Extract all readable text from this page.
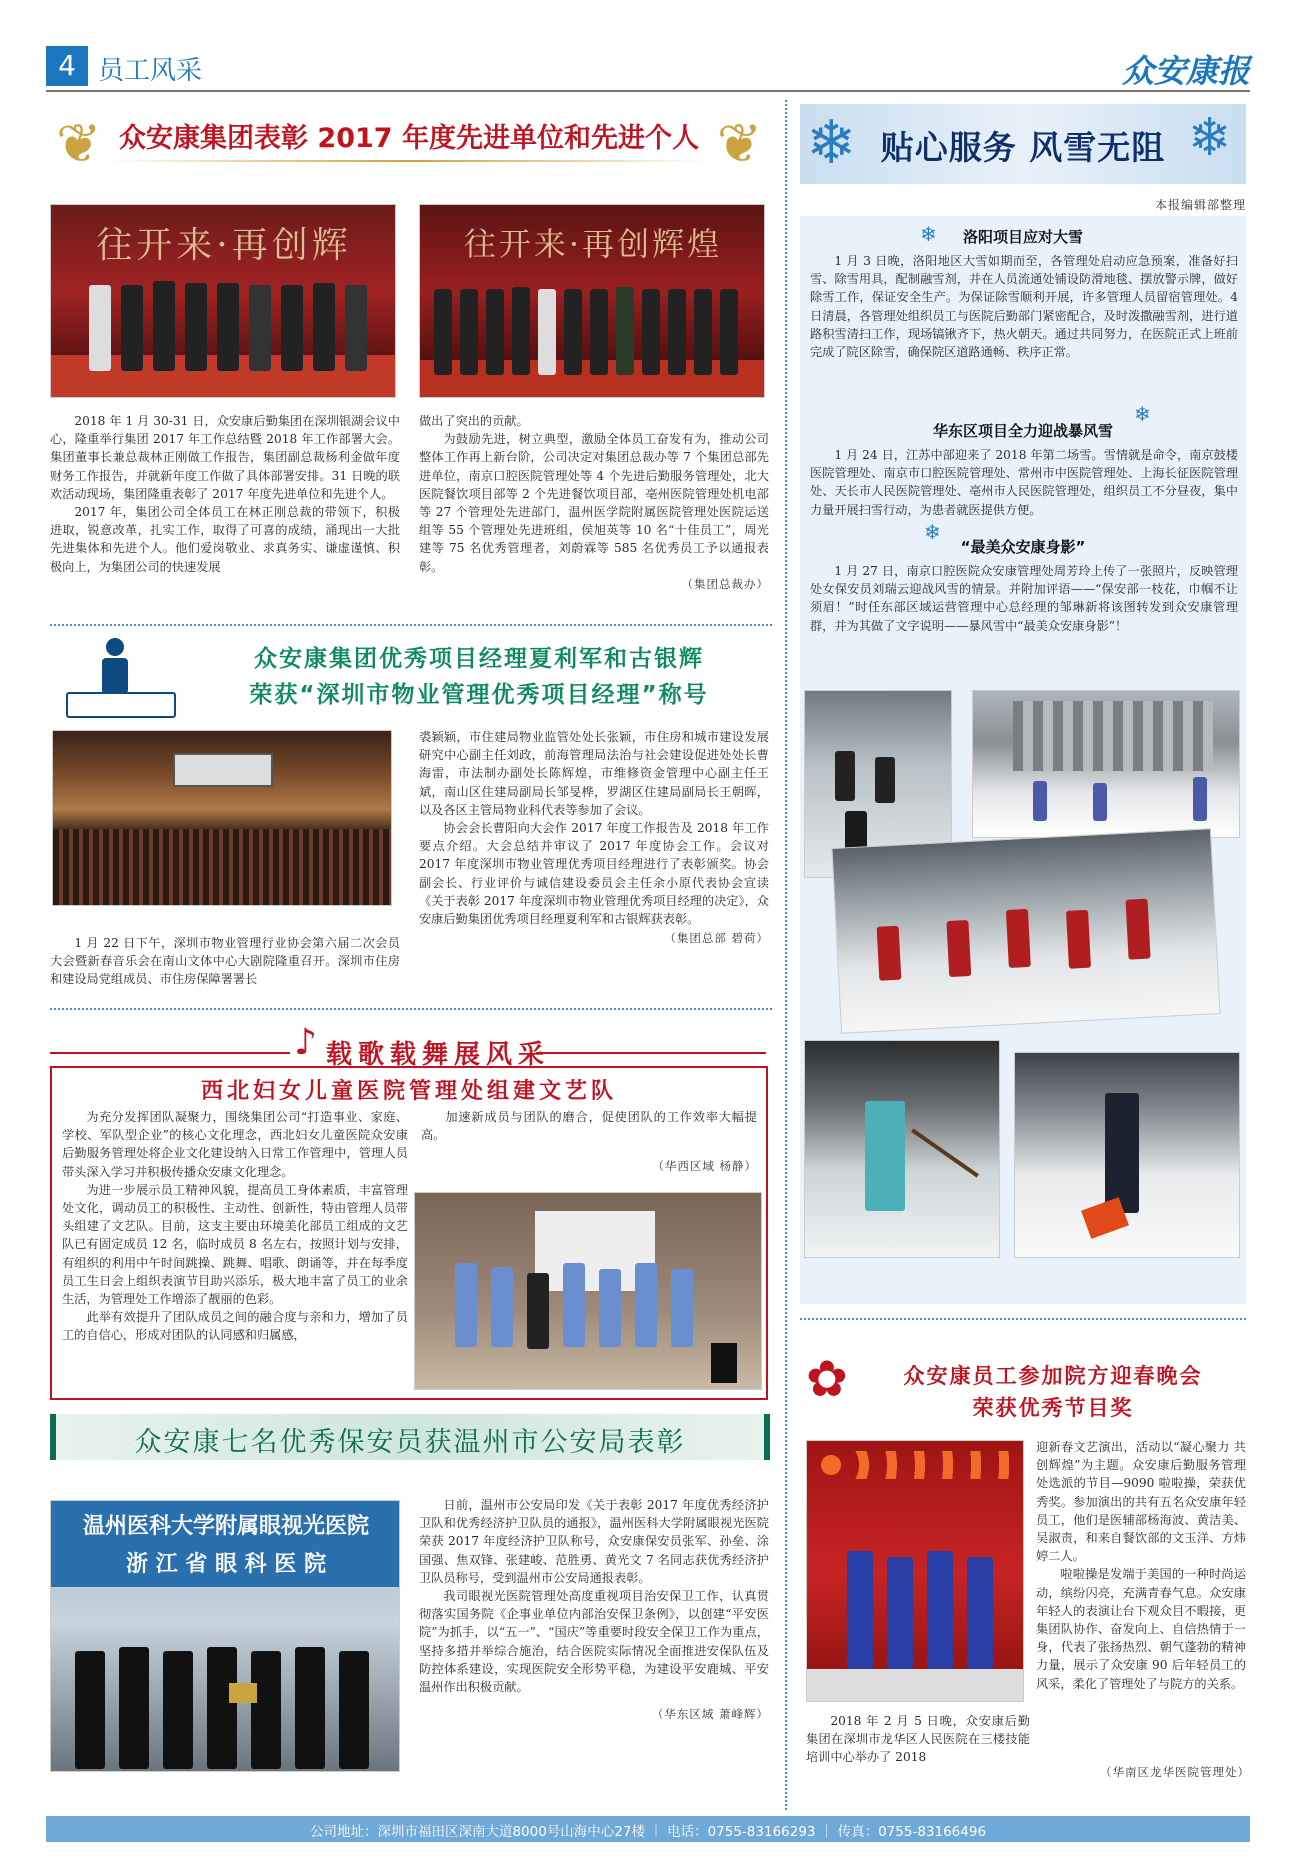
4 员工风采	众安康报
❦	❦
众安康集团表彰 2017 年度先进单位和先进个人
往开来·再创辉	往开来·再创辉煌

2018 年 1 月 30-31 日，众安康后勤集团在深圳银湖会议中心，隆重举行集团 2017 年工作总结暨 2018 年工作部署大会。集团董事长兼总裁林正刚做工作报告，集团副总裁杨利金做年度财务工作报告，并就新年度工作做了具体部署安排。31 日晚的联欢活动现场，集团隆重表彰了 2017 年度先进单位和先进个人。

2017 年，集团公司全体员工在林正刚总裁的带领下，积极进取，锐意改革，扎实工作，取得了可喜的成绩，涌现出一大批先进集体和先进个人。他们爱岗敬业、求真务实、谦虚谨慎、积极向上，为集团公司的快速发展

做出了突出的贡献。

为鼓励先进，树立典型，激励全体员工奋发有为，推动公司整体工作再上新台阶，公司决定对集团总裁办等 7 个集团总部先进单位，南京口腔医院管理处等 4 个先进后勤服务管理处，北大医院餐饮项目部等 2 个先进餐饮项目部，亳州医院管理处机电部等 27 个管理处先进部门，温州医学院附属医院管理处医院运送组等 55 个管理处先进班组，侯旭英等 10 名“十佳员工”，周光建等 75 名优秀管理者，刘蔚霖等 585 名优秀员工予以通报表彰。

（集团总裁办）
众安康集团优秀项目经理夏利军和古银辉
荣获“深圳市物业管理优秀项目经理”称号

1 月 22 日下午，深圳市物业管理行业协会第六届二次会员大会暨新春音乐会在南山文体中心大剧院隆重召开。深圳市住房和建设局党组成员、市住房保障署署长

裘颖颖，市住建局物业监管处处长张颖，市住房和城市建设发展研究中心副主任刘政，前海管理局法治与社会建设促进处处长曹海雷，市法制办副处长陈辉煌，市维修资金管理中心副主任王斌，南山区住建局副局长邹旻桦，罗湖区住建局副局长王朝晖，以及各区主管局物业科代表等参加了会议。

协会会长曹阳向大会作 2017 年度工作报告及 2018 年工作要点介绍。大会总结并审议了 2017 年度协会工作。会议对 2017 年度深圳市物业管理优秀项目经理进行了表彰颁奖。协会副会长、行业评价与诚信建设委员会主任余小原代表协会宣读《关于表彰 2017 年度深圳市物业管理优秀项目经理的决定》，众安康后勤集团优秀项目经理夏利军和古银辉获表彰。

（集团总部 碧荷）
♪ 载歌载舞展风采
西北妇女儿童医院管理处组建文艺队

为充分发挥团队凝聚力，围绕集团公司“打造事业、家庭、学校、军队型企业”的核心文化理念，西北妇女儿童医院众安康后勤服务管理处将企业文化建设纳入日常工作管理中，管理人员带头深入学习并积极传播众安康文化理念。

为进一步展示员工精神风貌，提高员工身体素质，丰富管理处文化，调动员工的积极性、主动性、创新性，特由管理人员带头组建了文艺队。目前，这支主要由环境美化部员工组成的文艺队已有固定成员 12 名，临时成员 8 名左右，按照计划与安排，有组织的利用中午时间跳操、跳舞、唱歌、朗诵等，并在每季度员工生日会上组织表演节目助兴添乐，极大地丰富了员工的业余生活，为管理处工作增添了靓丽的色彩。

此举有效提升了团队成员之间的融合度与亲和力，增加了员工的自信心，形成对团队的认同感和归属感，

加速新成员与团队的磨合，促使团队的工作效率大幅提高。

（华西区域 杨静）
众安康七名优秀保安员获温州市公安局表彰
温州医科大学附属眼视光医院
浙 江 省 眼 科 医 院

日前，温州市公安局印发《关于表彰 2017 年度优秀经济护卫队和优秀经济护卫队员的通报》，温州医科大学附属眼视光医院荣获 2017 年度经济护卫队称号，众安康保安员张军、孙垒、涂国强、焦双锋、张建峻、范胜勇、黄光文 7 名同志获优秀经济护卫队员称号，受到温州市公安局通报表彰。

我司眼视光医院管理处高度重视项目治安保卫工作，认真贯彻落实国务院《企事业单位内部治安保卫条例》，以创建“平安医院”为抓手，以“五一”、“国庆”等重要时段安全保卫工作为重点，坚持多措并举综合施治，结合医院实际情况全面推进安保队伍及防控体系建设，实现医院安全形势平稳，为建设平安鹿城、平安温州作出积极贡献。

（华东区域 萧峰辉）
❄	❄
贴心服务 风雪无阻
本报编辑部整理
❄	洛阳项目应对大雪

1 月 3 日晚，洛阳地区大雪如期而至，各管理处启动应急预案，准备好扫雪、除雪用具，配制融雪剂，并在人员流通处铺设防滑地毯、摆放警示牌，做好除雪工作，保证安全生产。为保证除雪顺利开展，许多管理人员留宿管理处。4 日清晨，各管理处组织员工与医院后勤部门紧密配合，及时泼撒融雪剂，进行道路积雪清扫工作，现场镐锹齐下，热火朝天。通过共同努力，在医院正式上班前完成了院区除雪，确保院区道路通畅、秩序正常。

❄
华东区项目全力迎战暴风雪

1 月 24 日，江苏中部迎来了 2018 年第二场雪。雪情就是命令，南京鼓楼医院管理处、南京市口腔医院管理处、常州市中医院管理处、上海长征医院管理处、天长市人民医院管理处、亳州市人民医院管理处，组织员工不分昼夜，集中力量开展扫雪行动，为患者就医提供方便。

❄
“最美众安康身影”

1 月 27 日，南京口腔医院众安康管理处周芳玲上传了一张照片，反映管理处女保安员刘瑞云迎战风雪的情景。并附加评语——“保安部一枝花，巾帼不让须眉！”时任东部区域运营管理中心总经理的邹琳新将该图转发到众安康管理群，并为其做了文字说明——暴风雪中“最美众安康身影”！

✿	众安康员工参加院方迎春晚会
荣获优秀节目奖

2018 年 2 月 5 日晚，众安康后勤集团在深圳市龙华区人民医院在三楼技能培训中心举办了 2018

迎新春文艺演出，活动以“凝心聚力 共创辉煌”为主题。众安康后勤服务管理处选派的节目—9090 啦啦操，荣获优秀奖。参加演出的共有五名众安康年轻员工，他们是医辅部杨海波、黄洁美、吴淑责，和来自餐饮部的文玉洋、方炜婷二人。

啦啦操是发端于美国的一种时尚运动，缤纷闪亮，充满青春气息。众安康年轻人的表演让台下观众目不暇接，更集团队协作、奋发向上、自信热情于一身，代表了张扬热烈、朝气蓬勃的精神力量，展示了众安康 90 后年轻员工的风采，柔化了管理处了与院方的关系。

（华南区龙华医院管理处）
公司地址：深圳市福田区深南大道8000号山海中心27楼 ｜ 电话：0755-83166293 ｜ 传真：0755-83166496
